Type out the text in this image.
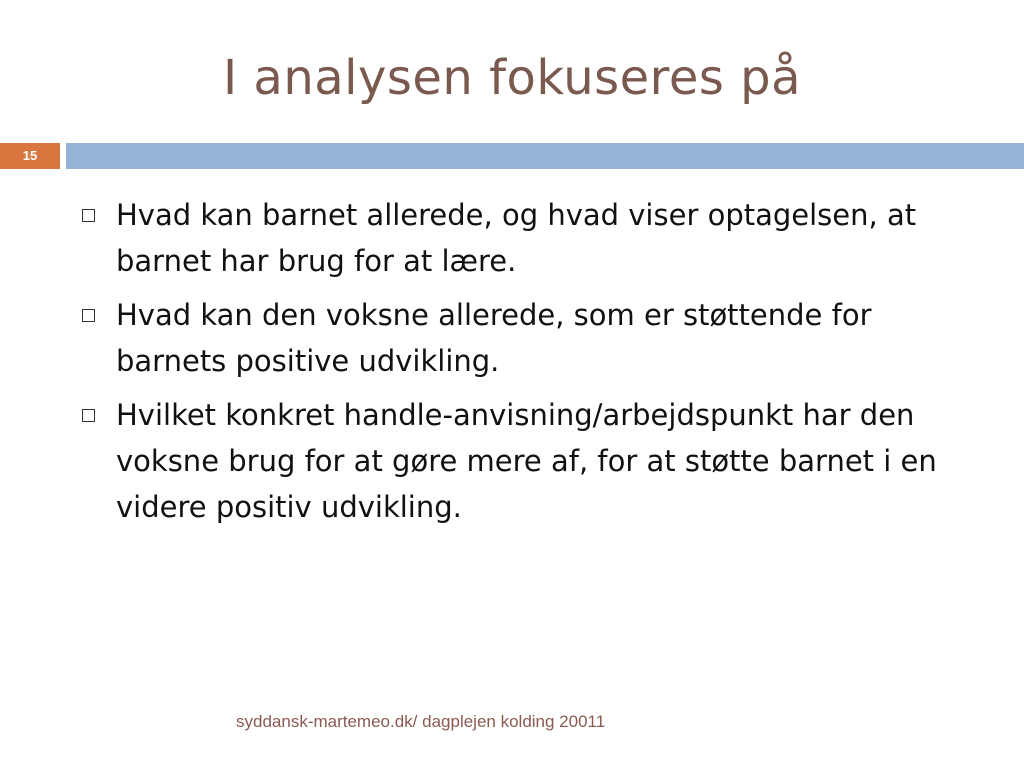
I analysen fokuseres på
15
Hvad kan barnet allerede, og hvad viser optagelsen, at barnet har brug for at lære.
Hvad kan den voksne allerede, som er støttende for barnets positive udvikling.
Hvilket konkret handle-anvisning/arbejdspunkt har den voksne brug for at gøre mere af, for at støtte barnet i en videre positiv udvikling.
syddansk-martemeo.dk/ dagplejen kolding 20011
